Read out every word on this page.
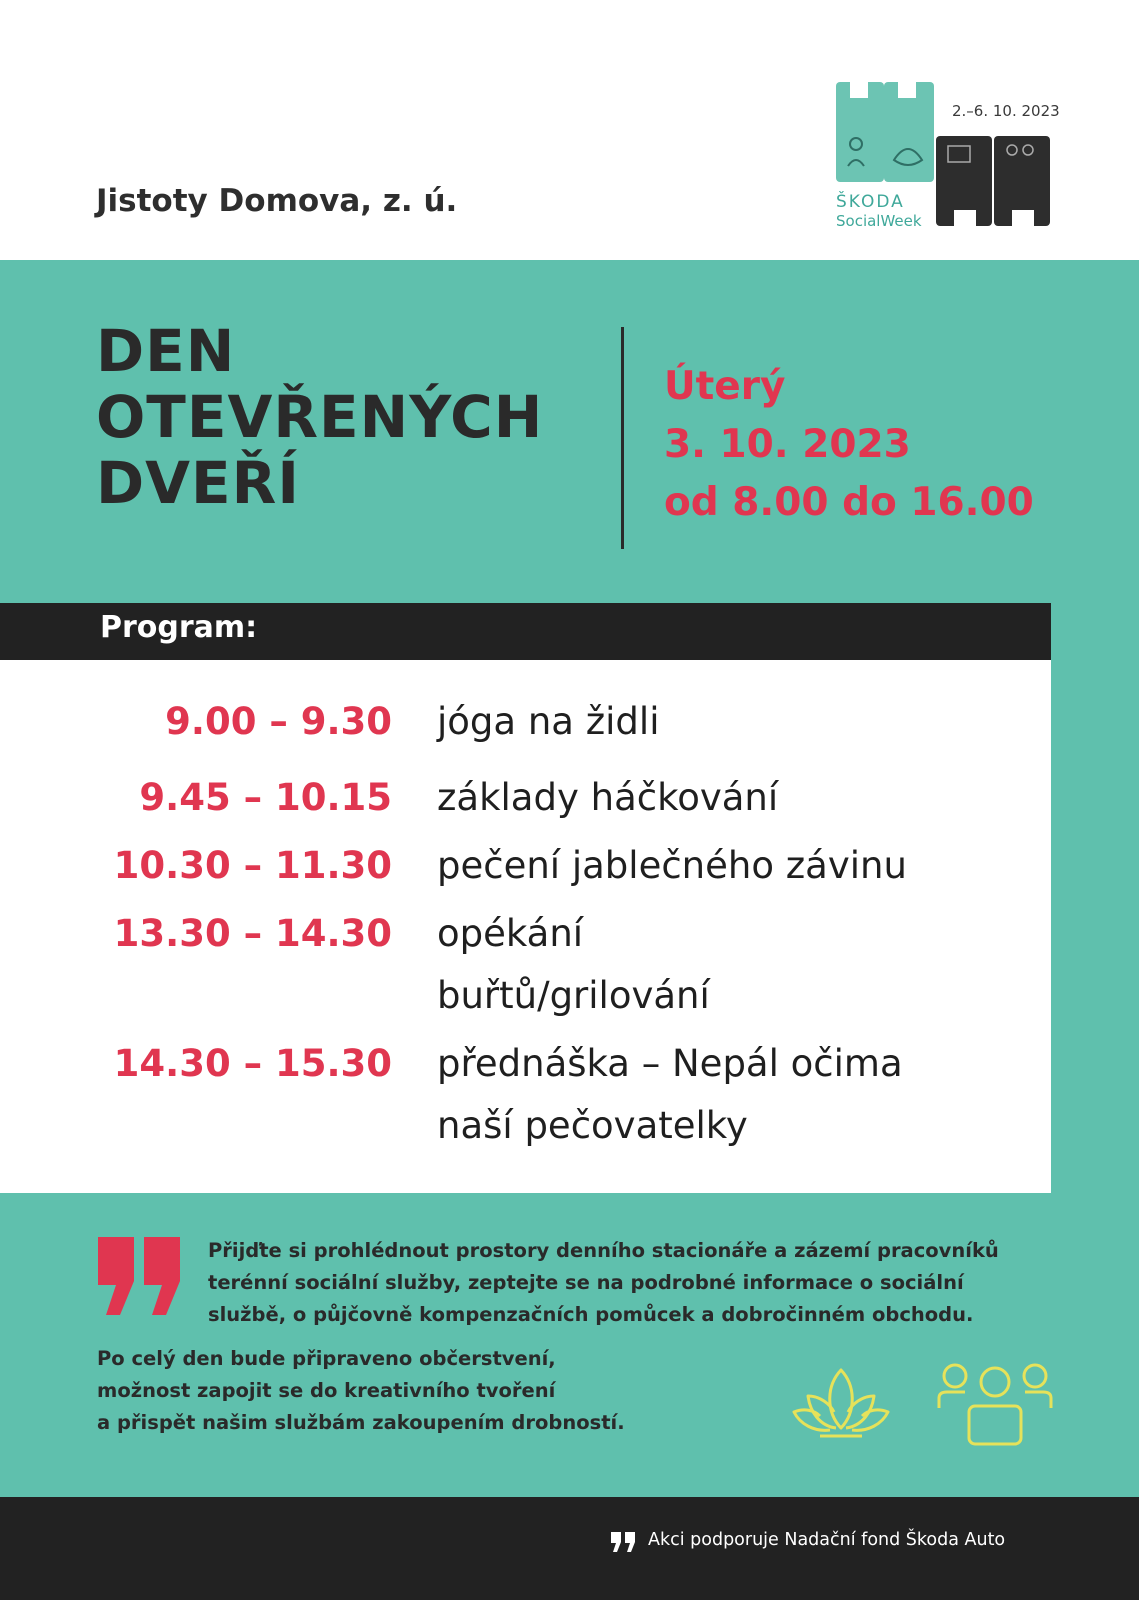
Jistoty Domova, z. ú.
2.–6. 10. 2023
ŠKODA
SocialWeek
DEN
OTEVŘENÝCH
DVEŘÍ
Úterý
3. 10. 2023
od 8.00 do 16.00
Program:
9.00 – 9.30 jóga na židli
9.45 – 10.15 základy háčkování
10.30 – 11.30 pečení jablečného závinu
13.30 – 14.30 opékání
buřtů/grilování
14.30 – 15.30 přednáška – Nepál očima
naší pečovatelky
Přijďte si prohlédnout prostory denního stacionáře a zázemí pracovníků
terénní sociální služby, zeptejte se na podrobné informace o sociální
službě, o půjčovně kompenzačních pomůcek a dobročinném obchodu.
Po celý den bude připraveno občerstvení,
možnost zapojit se do kreativního tvoření
a přispět našim službám zakoupením drobností.
Akci podporuje Nadační fond Škoda Auto
